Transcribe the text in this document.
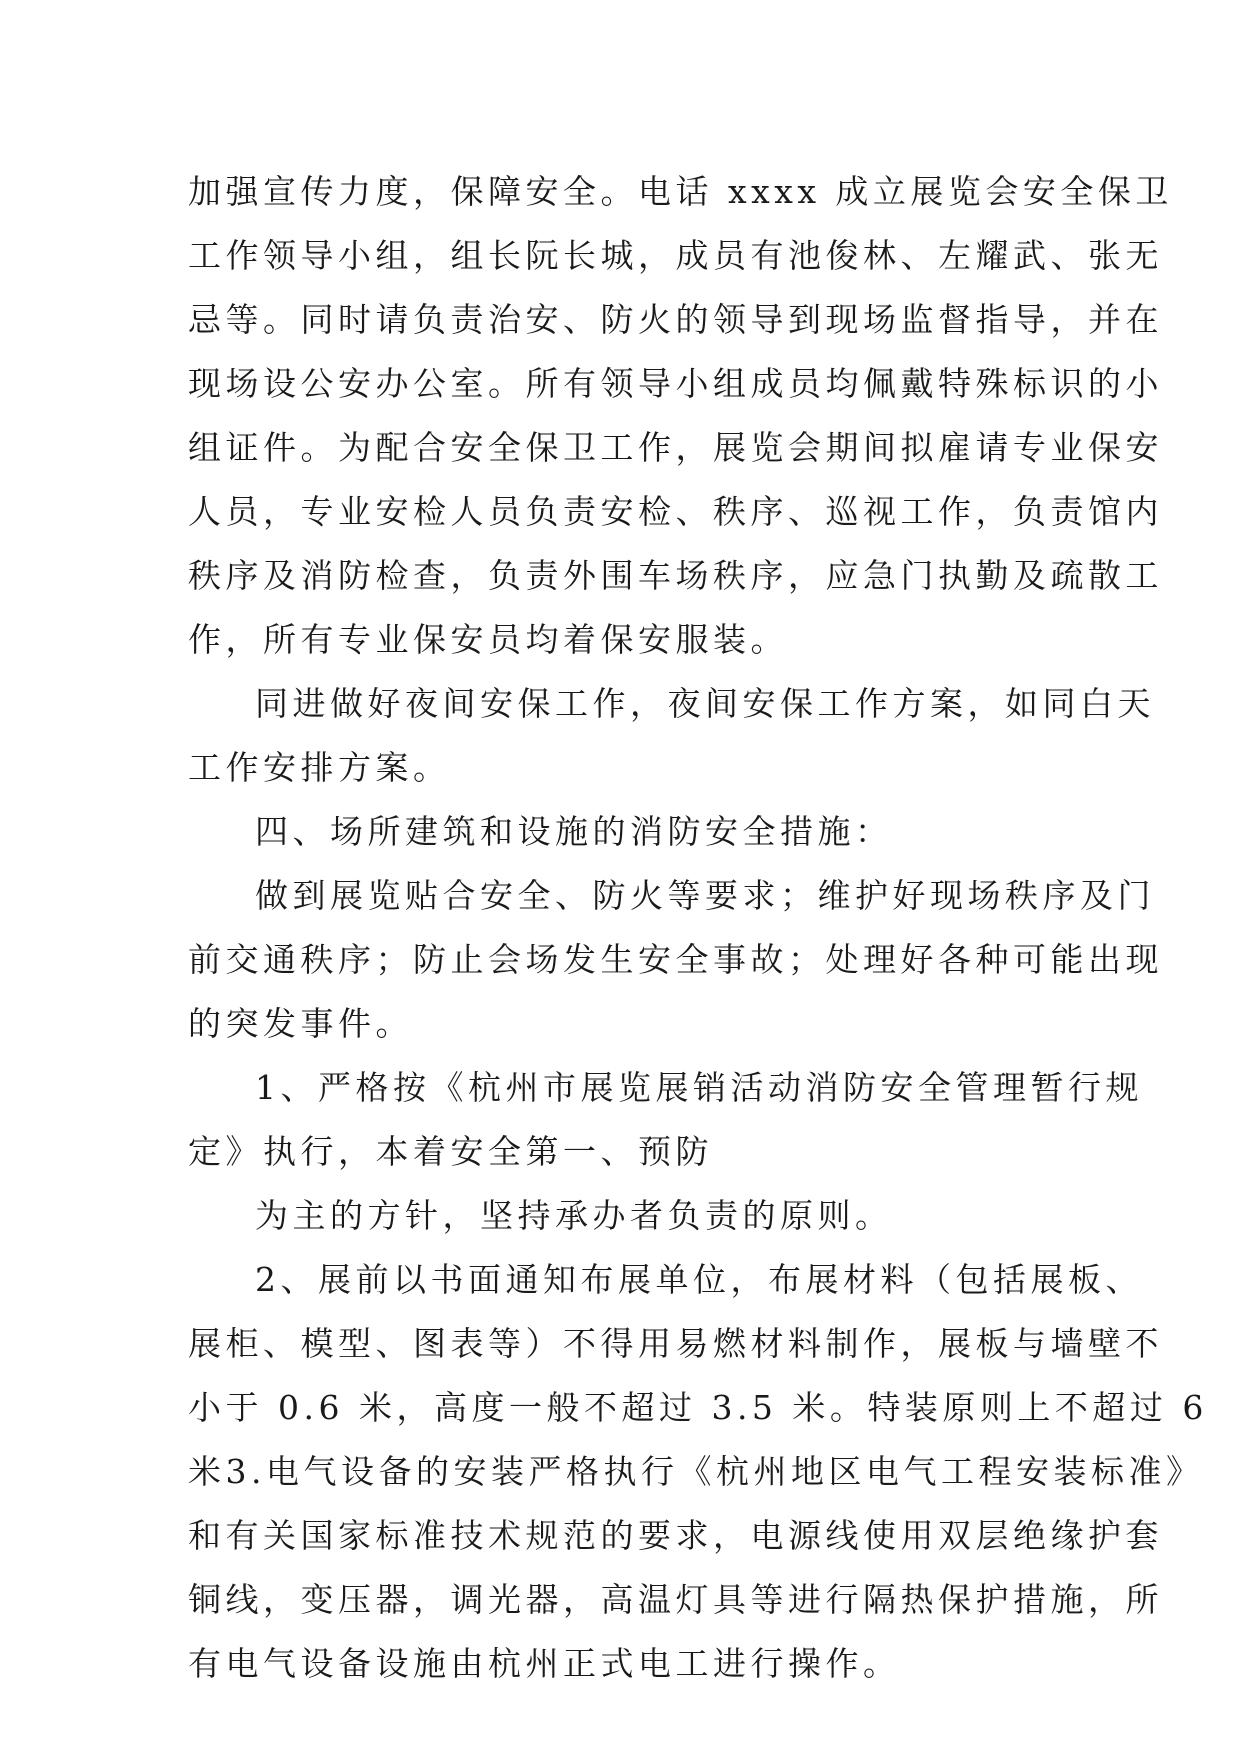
加强宣传力度，保障安全。电话 xxxx 成立展览会安全保卫
工作领导小组，组长阮长城，成员有池俊林、左耀武、张无
忌等。同时请负责治安、防火的领导到现场监督指导，并在
现场设公安办公室。所有领导小组成员均佩戴特殊标识的小
组证件。为配合安全保卫工作，展览会期间拟雇请专业保安
人员，专业安检人员负责安检、秩序、巡视工作，负责馆内
秩序及消防检查，负责外围车场秩序，应急门执勤及疏散工
作，所有专业保安员均着保安服装。
同进做好夜间安保工作，夜间安保工作方案，如同白天
工作安排方案。
四、场所建筑和设施的消防安全措施：
做到展览贴合安全、防火等要求；维护好现场秩序及门
前交通秩序；防止会场发生安全事故；处理好各种可能出现
的突发事件。
1、严格按《杭州市展览展销活动消防安全管理暂行规
定》执行，本着安全第一、预防
为主的方针，坚持承办者负责的原则。
2、展前以书面通知布展单位，布展材料（包括展板、
展柜、模型、图表等）不得用易燃材料制作，展板与墙壁不
小于 0.6 米，高度一般不超过 3.5 米。特装原则上不超过 6
米3.电气设备的安装严格执行《杭州地区电气工程安装标准》
和有关国家标准技术规范的要求，电源线使用双层绝缘护套
铜线，变压器，调光器，高温灯具等进行隔热保护措施，所
有电气设备设施由杭州正式电工进行操作。
